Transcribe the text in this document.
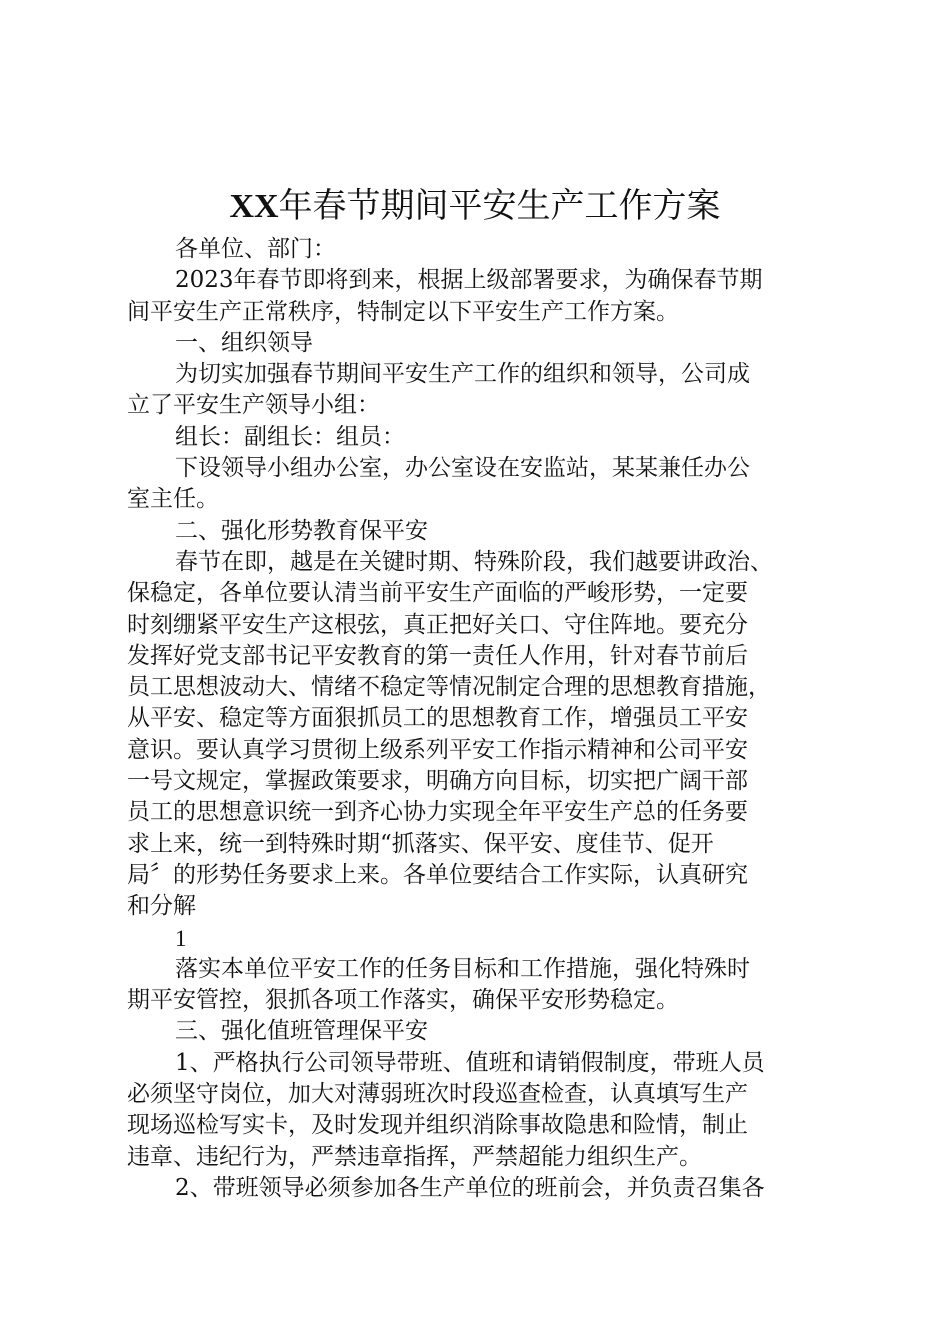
XX年春节期间平安生产工作方案
各单位、部门：
2023年春节即将到来，根据上级部署要求，为确保春节期
间平安生产正常秩序，特制定以下平安生产工作方案。
一、组织领导
为切实加强春节期间平安生产工作的组织和领导，公司成
立了平安生产领导小组：
组长：副组长：组员：
下设领导小组办公室，办公室设在安监站，某某兼任办公
室主任。
二、强化形势教育保平安
春节在即，越是在关键时期、特殊阶段，我们越要讲政治、
保稳定，各单位要认清当前平安生产面临的严峻形势，一定要
时刻绷紧平安生产这根弦，真正把好关口、守住阵地。要充分
发挥好党支部书记平安教育的第一责任人作用，针对春节前后
员工思想波动大、情绪不稳定等情况制定合理的思想教育措施，
从平安、稳定等方面狠抓员工的思想教育工作，增强员工平安
意识。要认真学习贯彻上级系列平安工作指示精神和公司平安
一号文规定，掌握政策要求，明确方向目标，切实把广阔干部
员工的思想意识统一到齐心协力实现全年平安生产总的任务要
求上来，统一到特殊时期“抓落实、保平安、度佳节、促开
局〞的形势任务要求上来。各单位要结合工作实际，认真研究
和分解
1
落实本单位平安工作的任务目标和工作措施，强化特殊时
期平安管控，狠抓各项工作落实，确保平安形势稳定。
三、强化值班管理保平安
1、严格执行公司领导带班、值班和请销假制度，带班人员
必须坚守岗位，加大对薄弱班次时段巡查检查，认真填写生产
现场巡检写实卡，及时发现并组织消除事故隐患和险情，制止
违章、违纪行为，严禁违章指挥，严禁超能力组织生产。
2、带班领导必须参加各生产单位的班前会，并负责召集各
